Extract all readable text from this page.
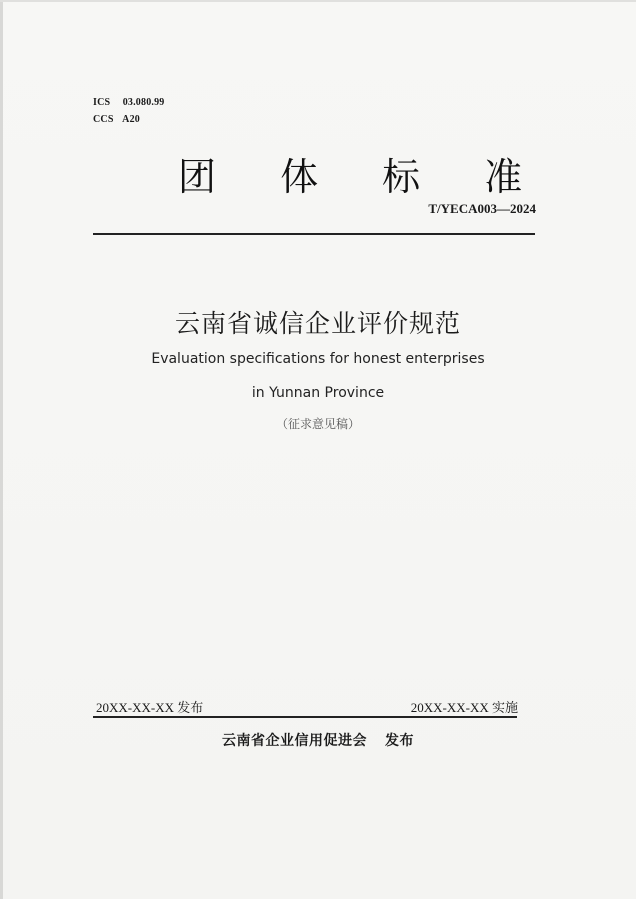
ICS 03.080.99
CCS A20
团 体 标 准
T/YECA003—2024
云南省诚信企业评价规范
Evaluation specifications for honest enterprises
in Yunnan Province
（征求意见稿）
20XX-XX-XX 发布	20XX-XX-XX 实施
云南省企业信用促进会 发布
